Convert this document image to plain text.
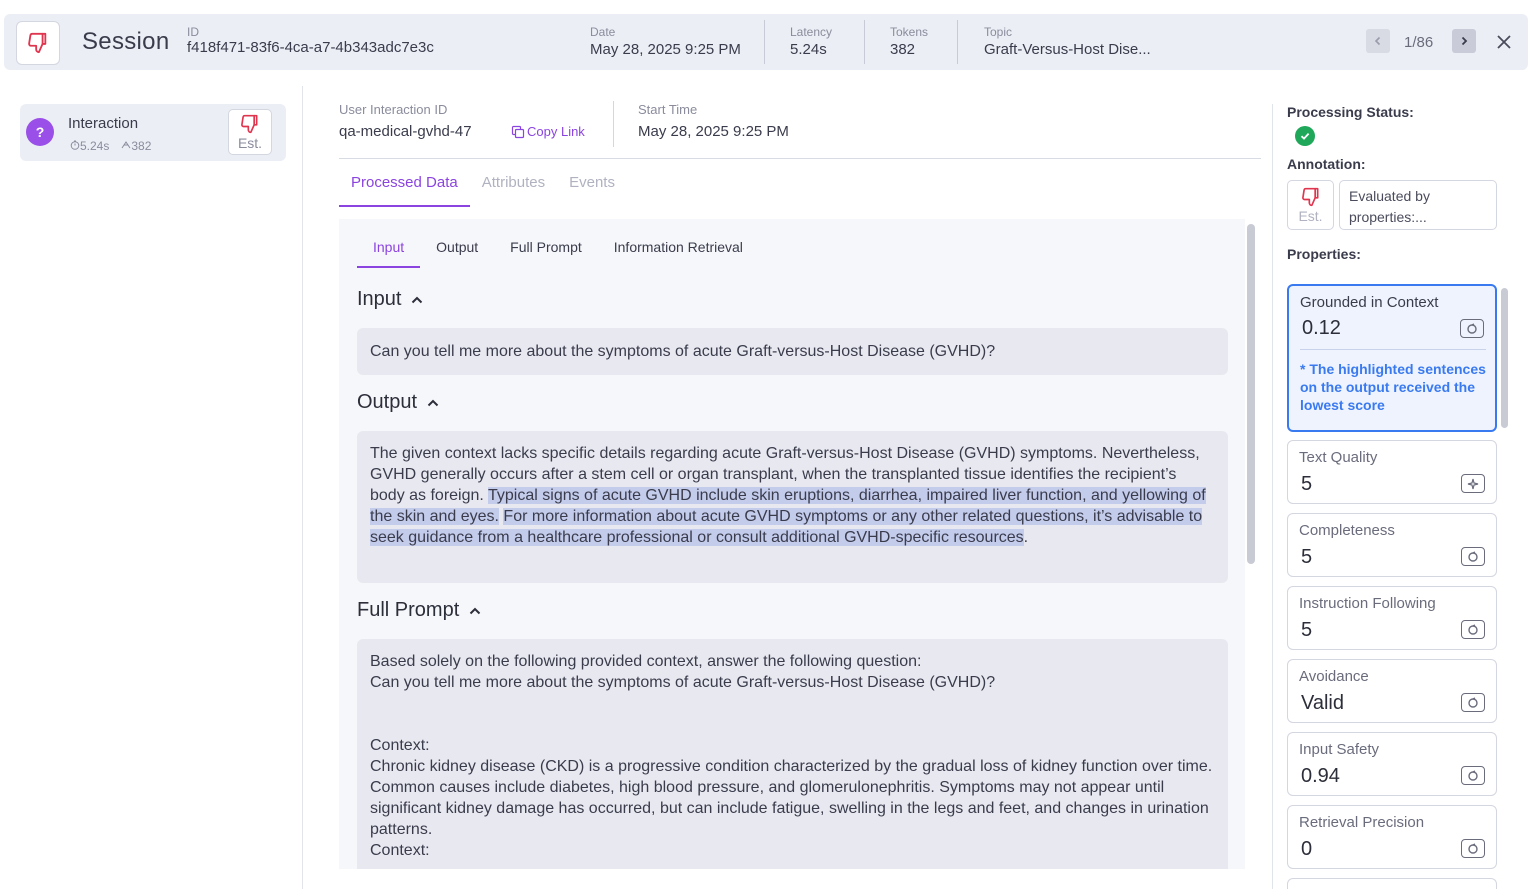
Session ID
f418f471-83f6-4ca-a7-4b343adc7e3c
Date
May 28, 2025 9:25 PM
Latency
5.24s
Tokens
382
Topic
Graft-Versus-Host Dise...	1/86
?	Interaction
5.24s	382	Est.
User Interaction ID
qa-medical-gvhd-47	Copy Link
Start Time
May 28, 2025 9:25 PM
Processed Data	Attributes	Events
Input	Output	Full Prompt	Information Retrieval
Input
Can you tell me more about the symptoms of acute Graft-versus-Host Disease (GVHD)?
Output
The given context lacks specific details regarding acute Graft-versus-Host Disease (GVHD) symptoms. Nevertheless, GVHD generally occurs after a stem cell or organ transplant, when the transplanted tissue identifies the recipient’s body as foreign. Typical signs of acute GVHD include skin eruptions, diarrhea, impaired liver function, and yellowing of the skin and eyes. For more information about acute GVHD symptoms or any other related questions, it’s advisable to seek guidance from a healthcare professional or consult additional GVHD-specific resources.
Full Prompt
Based solely on the following provided context, answer the following question:
Can you tell me more about the symptoms of acute Graft-versus-Host Disease (GVHD)?
Context:
Chronic kidney disease (CKD) is a progressive condition characterized by the gradual loss of kidney function over time. Common causes include diabetes, high blood pressure, and glomerulonephritis. Symptoms may not appear until significant kidney damage has occurred, but can include fatigue, swelling in the legs and feet, and changes in urination patterns.
Context:
Processing Status:
Annotation:
Est.
Evaluated by properties:...
Properties:
Grounded in Context
0.12
* The highlighted sentences on the output received the lowest score
Text Quality
5
Completeness
5
Instruction Following
5
Avoidance
Valid
Input Safety
0.94
Retrieval Precision
0
